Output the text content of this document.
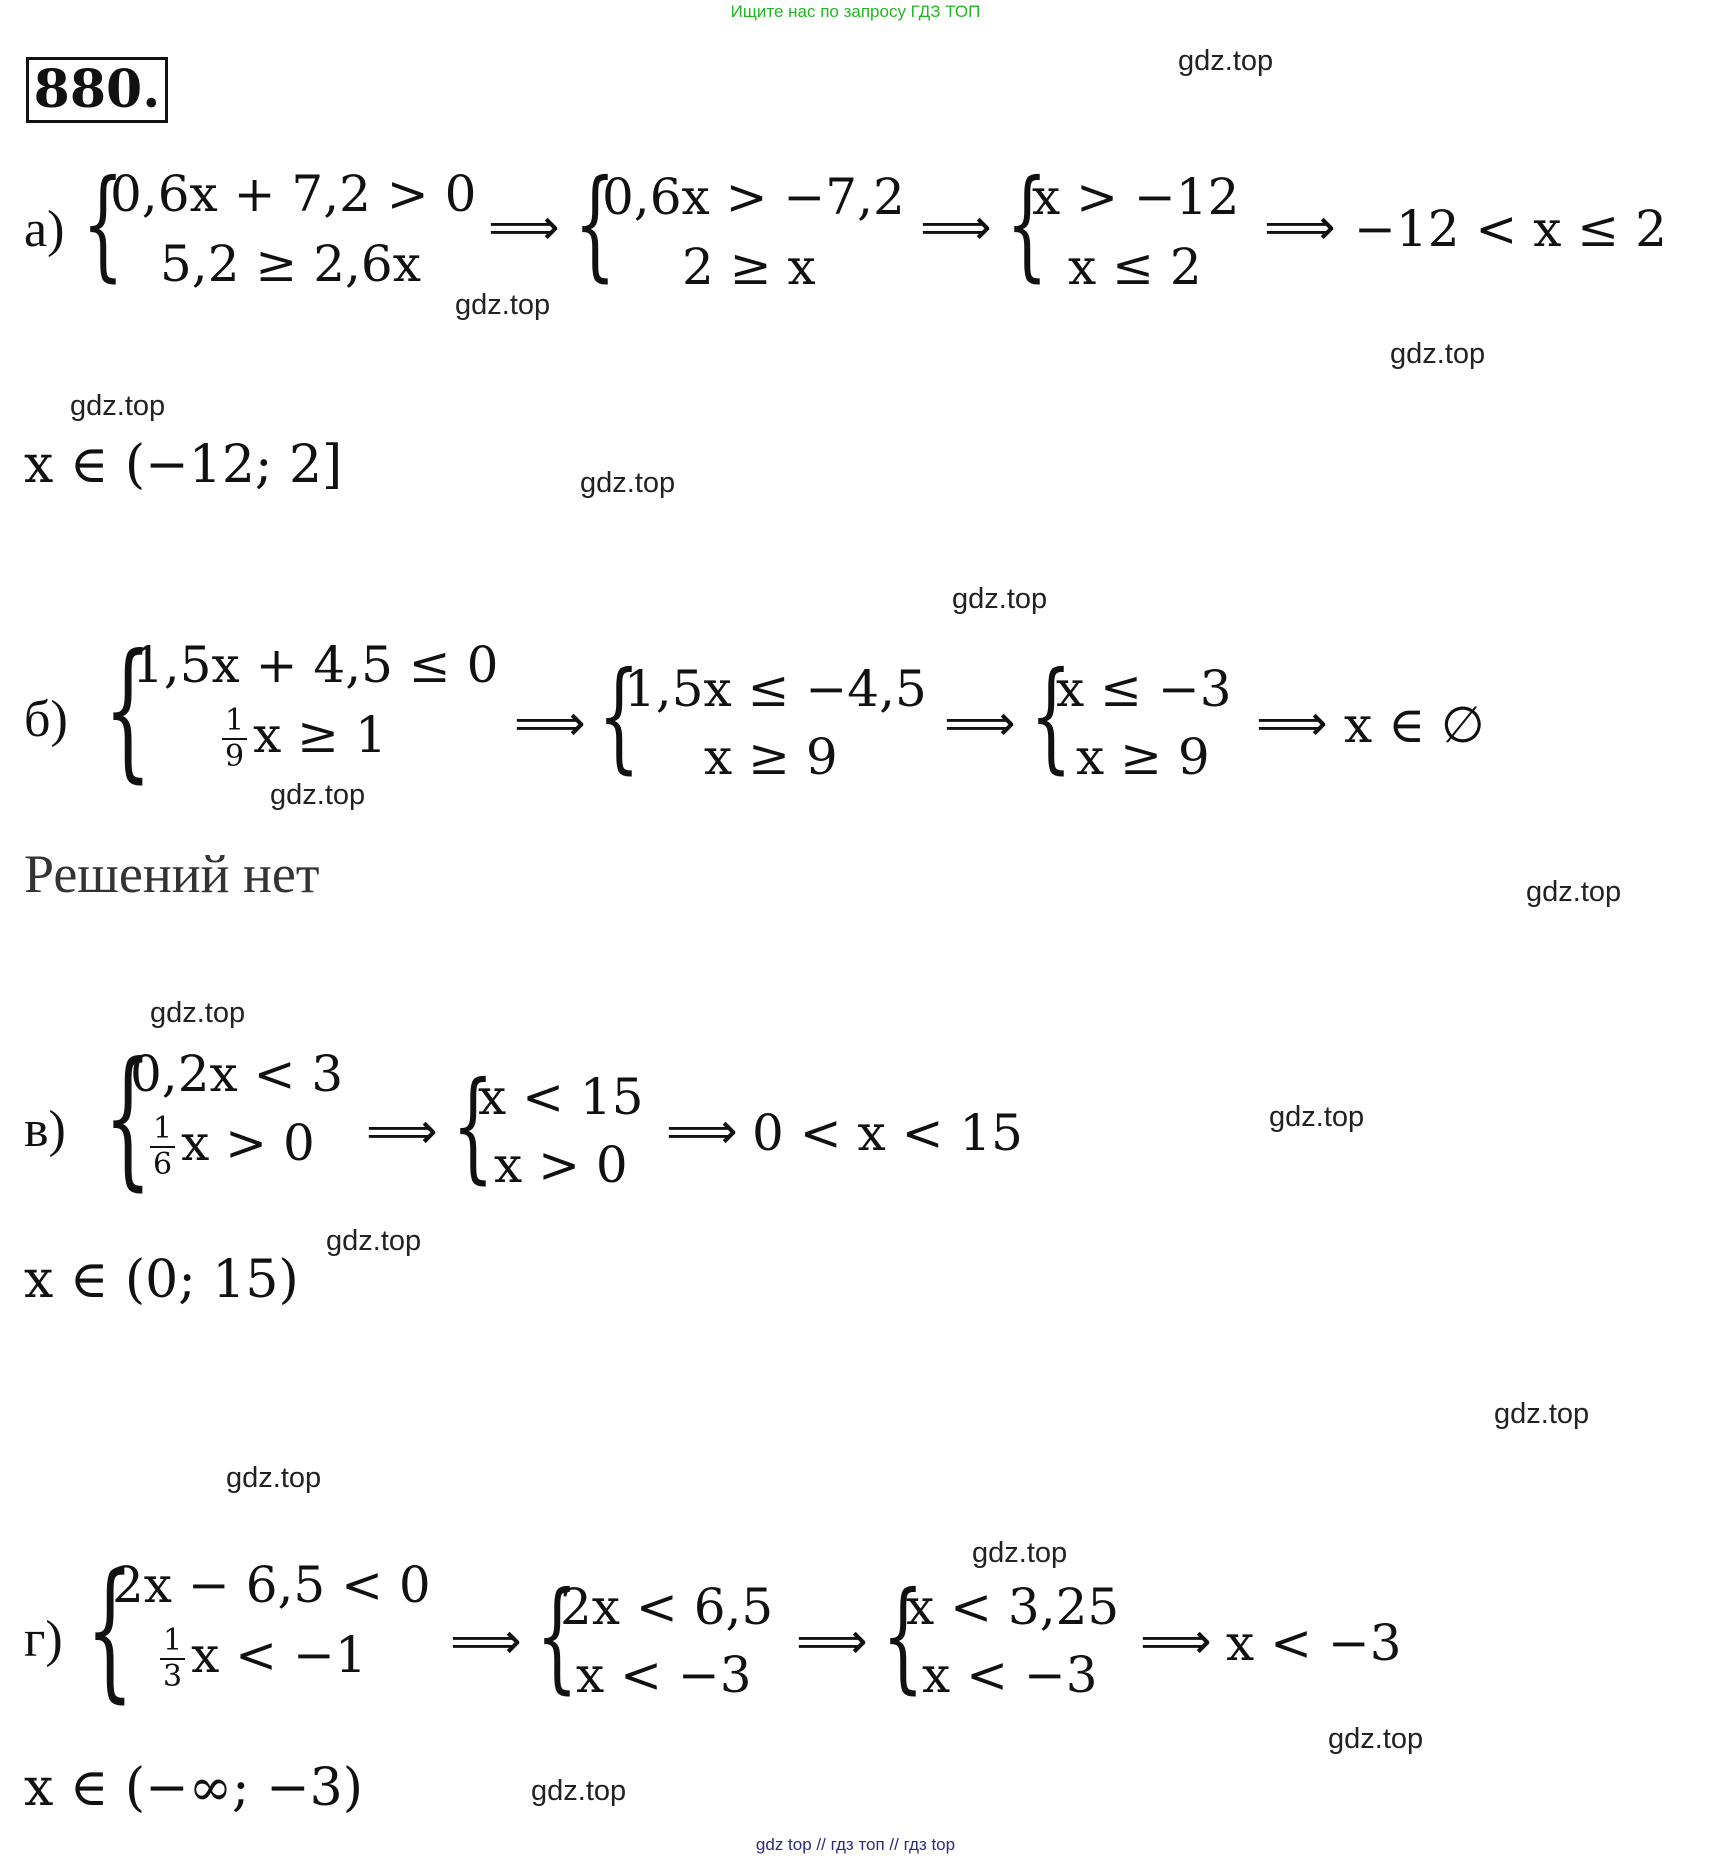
Ищите нас по запросу ГДЗ ТОП
880.	gdz.top
gdz.top
gdz.top
gdz.top
gdz.top
gdz.top
gdz.top
gdz.top
gdz.top
gdz.top
gdz.top
gdz.top
gdz.top
gdz.top
gdz.top
gdz.top
а) {
0,6x + 7,2 > 0
5,2 ≥ 2,6x
⟹ {
0,6x > −7,2
2 ≥ x
⟹ {
x > −12
x ≤ 2
⟹ −12 < x ≤ 2
x ∈ (−12; 2]
б) {
1,5x + 4,5 ≤ 0
$\frac{1}{9}$ x ≥ 1	⟹ {
1,5x ≤ −4,5
x ≥ 9
⟹ {
x ≤ −3
x ≥ 9
⟹ x ∈ ∅
Решений нет
в) {
0,2x < 3
$\frac{1}{6}$ x > 0 ⟹ {
x < 15
x > 0
⟹ 0 < x < 15
x ∈ (0; 15)
г) {
2x − 6,5 < 0
$\frac{1}{3}$ x < −1 ⟹ {
2x < 6,5
x < −3
⟹ {
x < 3,25
x < −3
⟹ x < −3
x ∈ (−∞; −3)
gdz top // гдз топ // гдз top
